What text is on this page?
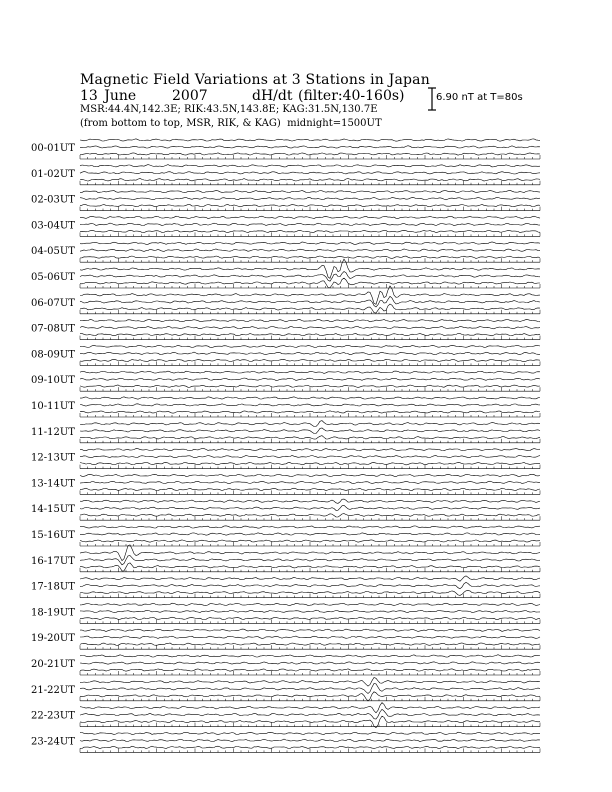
Magnetic Field Variations at 3 Stations in Japan
13 June	2007	dH/dt (filter:40-160s)
MSR:44.4N,142.3E; RIK:43.5N,143.8E; KAG:31.5N,130.7E
(from bottom to top, MSR, RIK, & KAG) midnight=1500UT
6.90 nT at T=80s
00-01UT
01-02UT
02-03UT
03-04UT
04-05UT
05-06UT
06-07UT
07-08UT
08-09UT
09-10UT
10-11UT
11-12UT
12-13UT
13-14UT
14-15UT
15-16UT
16-17UT
17-18UT
18-19UT
19-20UT
20-21UT
21-22UT
22-23UT
23-24UT
